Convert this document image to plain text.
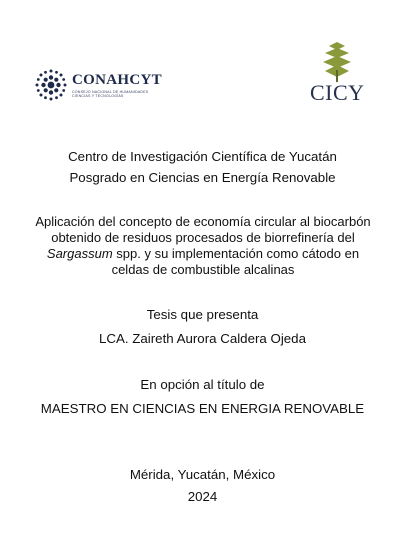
CONAHCYT
CONSEJO NACIONAL DE HUMANIDADES
CIENCIAS Y TECNOLOGÍAS	CICY
Centro de Investigación Científica de Yucatán
Posgrado en Ciencias en Energía Renovable
Aplicación del concepto de economía circular al biocarbón
obtenido de residuos procesados de biorrefinería del
Sargassum spp. y su implementación como cátodo en
celdas de combustible alcalinas
Tesis que presenta
LCA. Zaireth Aurora Caldera Ojeda
En opción al título de
MAESTRO EN CIENCIAS EN ENERGIA RENOVABLE
Mérida, Yucatán, México
2024
